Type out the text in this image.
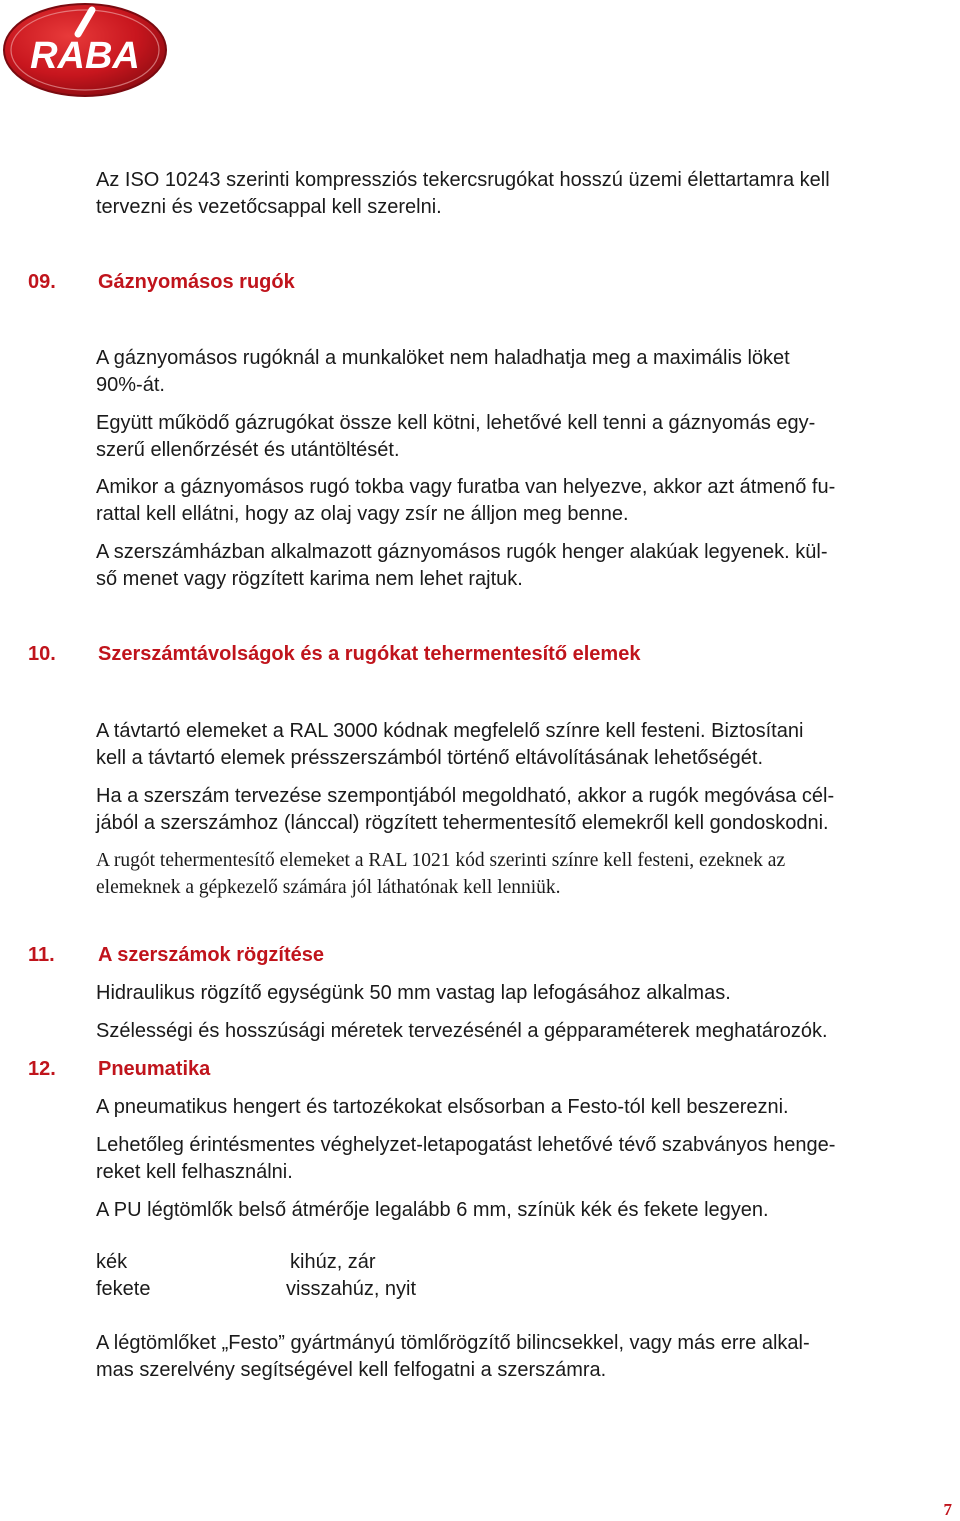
RABA

Az ISO 10243 szerinti kompressziós tekercsrugókat hosszú üzemi élettartamra kell
tervezni és vezetőcsappal kell szerelni.

09. Gáznyomásos rugók

A gáznyomásos rugóknál a munkalöket nem haladhatja meg a maximális löket
90%-át.

Együtt működő gázrugókat össze kell kötni, lehetővé kell tenni a gáznyomás egy-
szerű ellenőrzését és utántöltését.

Amikor a gáznyomásos rugó tokba vagy furatba van helyezve, akkor azt átmenő fu-
rattal kell ellátni, hogy az olaj vagy zsír ne álljon meg benne.

A szerszámházban alkalmazott gáznyomásos rugók henger alakúak legyenek. kül-
ső menet vagy rögzített karima nem lehet rajtuk.

10. Szerszámtávolságok és a rugókat tehermentesítő elemek

A távtartó elemeket a RAL 3000 kódnak megfelelő színre kell festeni. Biztosítani
kell a távtartó elemek présszerszámból történő eltávolításának lehetőségét.

Ha a szerszám tervezése szempontjából megoldható, akkor a rugók megóvása cél-
jából a szerszámhoz (lánccal) rögzített tehermentesítő elemekről kell gondoskodni.

A rugót tehermentesítő elemeket a RAL 1021 kód szerinti színre kell festeni, ezeknek az
elemeknek a gépkezelő számára jól láthatónak kell lenniük.

11. A szerszámok rögzítése

Hidraulikus rögzítő egységünk 50 mm vastag lap lefogásához alkalmas.

Szélességi és hosszúsági méretek tervezésénél a gépparaméterek meghatározók.

12. Pneumatika

A pneumatikus hengert és tartozékokat elsősorban a Festo-tól kell beszerezni.

Lehetőleg érintésmentes véghelyzet-letapogatást lehetővé tévő szabványos henge-
reket kell felhasználni.

A PU légtömlők belső átmérője legalább 6 mm, színük kék és fekete legyen.

kék	kihúz, zár
fekete	visszahúz, nyit

A légtömlőket „Festo” gyártmányú tömlőrögzítő bilincsekkel, vagy más erre alkal-
mas szerelvény segítségével kell felfogatni a szerszámra.

7
